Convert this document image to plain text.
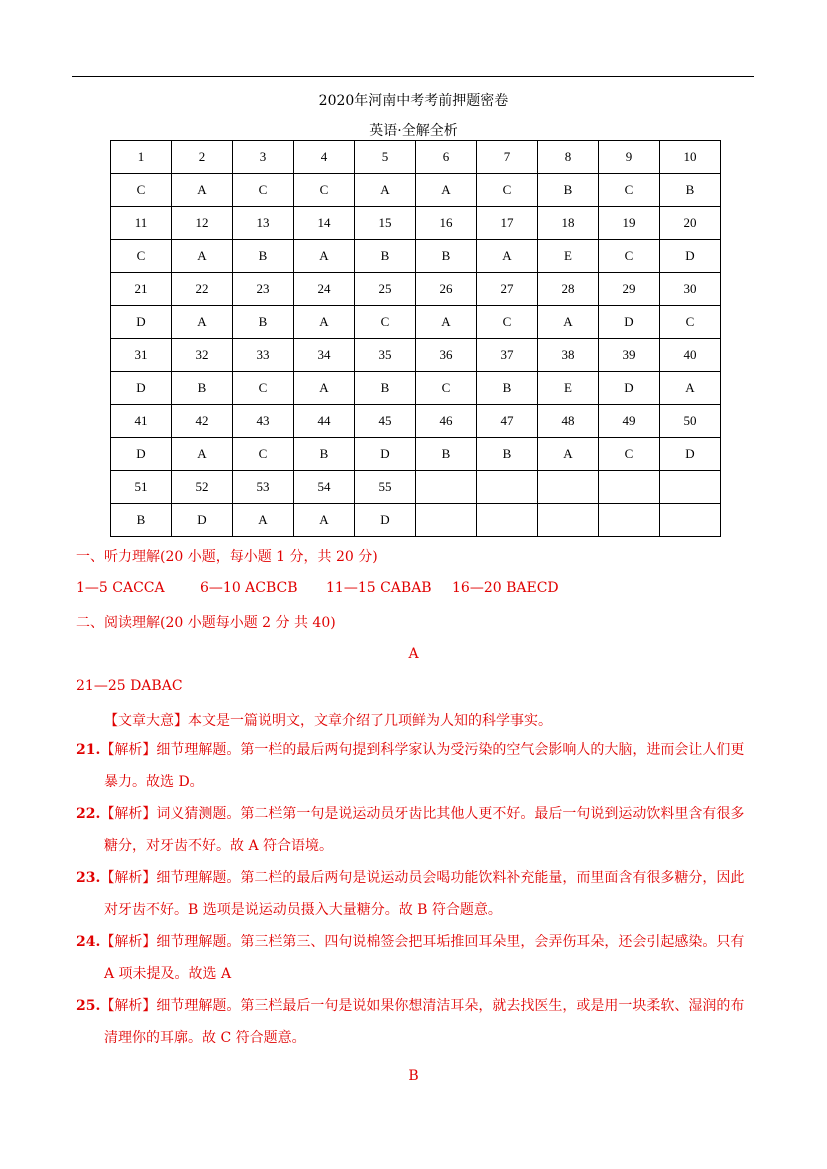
2020年河南中考考前押题密卷
英语·全解全析
1	2	3	4	5	6	7	8	9	10
C	A	C	C	A	A	C	B	C	B
11	12	13	14	15	16	17	18	19	20
C	A	B	A	B	B	A	E	C	D
21	22	23	24	25	26	27	28	29	30
D	A	B	A	C	A	C	A	D	C
31	32	33	34	35	36	37	38	39	40
D	B	C	A	B	C	B	E	D	A
41	42	43	44	45	46	47	48	49	50
D	A	C	B	D	B	B	A	C	D
51	52	53	54	55					
B	D	A	A	D					
一、听力理解(20 小题，每小题 1 分，共 20 分)
1—5 CACCA	6—10 ACBCB 11—15 CABAB 16—20 BAECD
二、阅读理解(20 小题每小题 2 分 共 40)
A
21—25 DABAC
【文章大意】本文是一篇说明文，文章介绍了几项鲜为人知的科学事实。
21.【解析】细节理解题。第一栏的最后两句提到科学家认为受污染的空气会影响人的大脑，进而会让人们更暴力。故选 D。
22.【解析】词义猜测题。第二栏第一句是说运动员牙齿比其他人更不好。最后一句说到运动饮料里含有很多糖分，对牙齿不好。故 A 符合语境。
23.【解析】细节理解题。第二栏的最后两句是说运动员会喝功能饮料补充能量，而里面含有很多糖分，因此对牙齿不好。B 选项是说运动员摄入大量糖分。故 B 符合题意。
24.【解析】细节理解题。第三栏第三、四句说棉签会把耳垢推回耳朵里，会弄伤耳朵，还会引起感染。只有 A 项未提及。故选 A
25.【解析】细节理解题。第三栏最后一句是说如果你想清洁耳朵，就去找医生，或是用一块柔软、湿润的布清理你的耳廓。故 C 符合题意。
B
